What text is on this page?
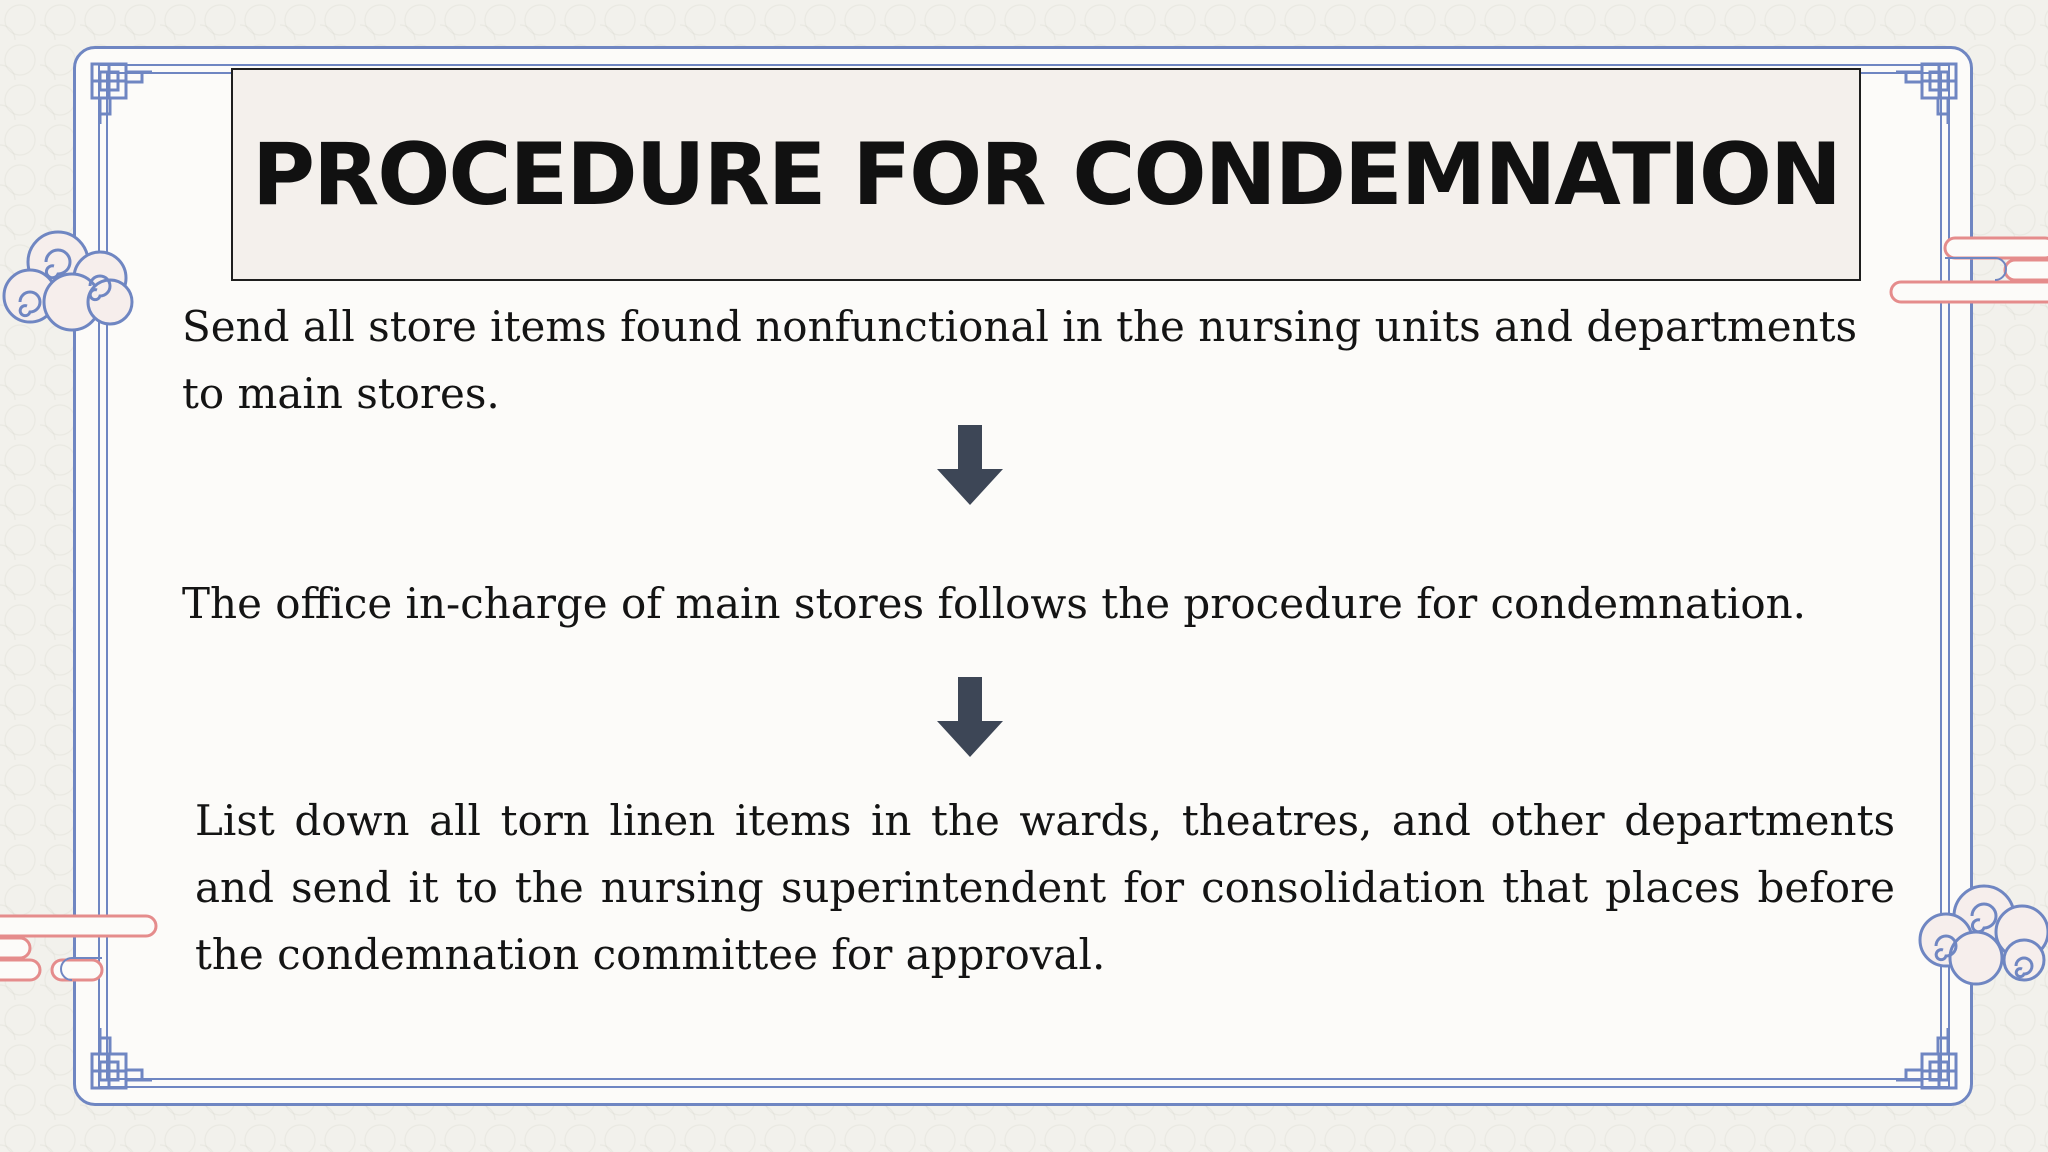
PROCEDURE FOR CONDEMNATION
Send all store items found nonfunctional in the nursing units and departments to main stores.
The office in-charge of main stores follows the procedure for condemnation.
List down all torn linen items in the wards, theatres, and other departments and send it to the nursing superintendent for consolidation that places before the condemnation committee for approval.
